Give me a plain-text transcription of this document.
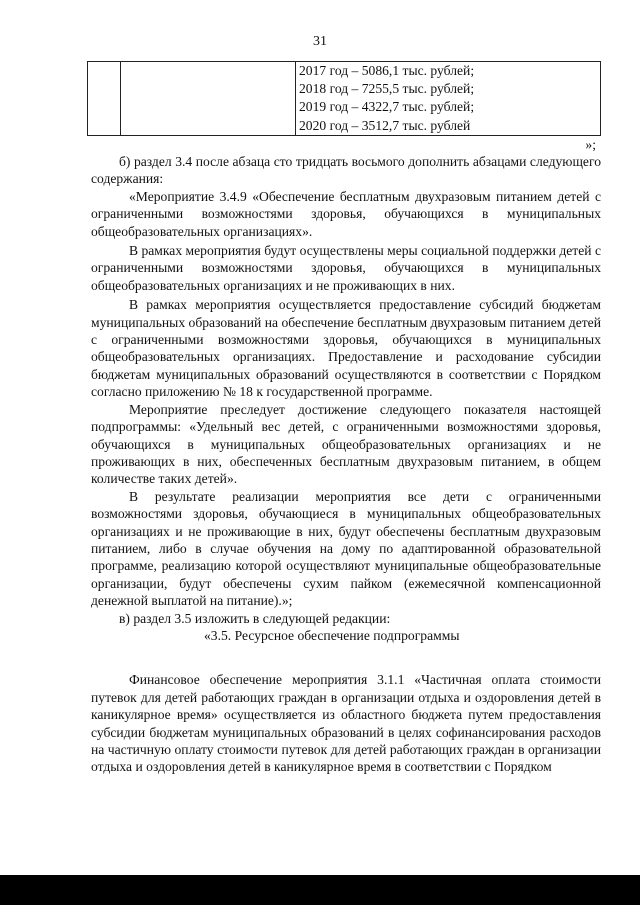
31

2017 год – 5086,1 тыс. рублей;
2018 год – 7255,5 тыс. рублей;
2019 год – 4322,7 тыс. рублей;
2020 год – 3512,7 тыс. рублей
»;

б) раздел 3.4 после абзаца сто тридцать восьмого дополнить абзацами следующего содержания:

«Мероприятие 3.4.9 «Обеспечение бесплатным двухразовым питанием детей с ограниченными возможностями здоровья, обучающихся в муниципальных общеобразовательных организациях».

В рамках мероприятия будут осуществлены меры социальной поддержки детей с ограниченными возможностями здоровья, обучающихся в муниципальных общеобразовательных организациях и не проживающих в них.

В рамках мероприятия осуществляется предоставление субсидий бюджетам муниципальных образований на обеспечение бесплатным двухразовым питанием детей с ограниченными возможностями здоровья, обучающихся в муниципальных общеобразовательных организациях. Предоставление и расходование субсидии бюджетам муниципальных образований осуществляются в соответствии с Порядком согласно приложению № 18 к государственной программе.

Мероприятие преследует достижение следующего показателя настоящей подпрограммы: «Удельный вес детей, с ограниченными возможностями здоровья, обучающихся в муниципальных общеобразовательных организациях и не проживающих в них, обеспеченных бесплатным двухразовым питанием, в общем количестве таких детей».

В результате реализации мероприятия все дети с ограниченными возможностями здоровья, обучающиеся в муниципальных общеобразовательных организациях и не проживающие в них, будут обеспечены бесплатным двухразовым питанием, либо в случае обучения на дому по адаптированной образовательной программе, реализацию которой осуществляют муниципальные общеобразовательные организации, будут обеспечены сухим пайком (ежемесячной компенсационной денежной выплатой на питание).»;

в) раздел 3.5 изложить в следующей редакции:

«3.5. Ресурсное обеспечение подпрограммы

Финансовое обеспечение мероприятия 3.1.1 «Частичная оплата стоимости путевок для детей работающих граждан в организации отдыха и оздоровления детей в каникулярное время» осуществляется из областного бюджета путем предоставления субсидии бюджетам муниципальных образований в целях софинансирования расходов на частичную оплату стоимости путевок для детей работающих граждан в организации отдыха и оздоровления детей в каникулярное время в соответствии с Порядком
